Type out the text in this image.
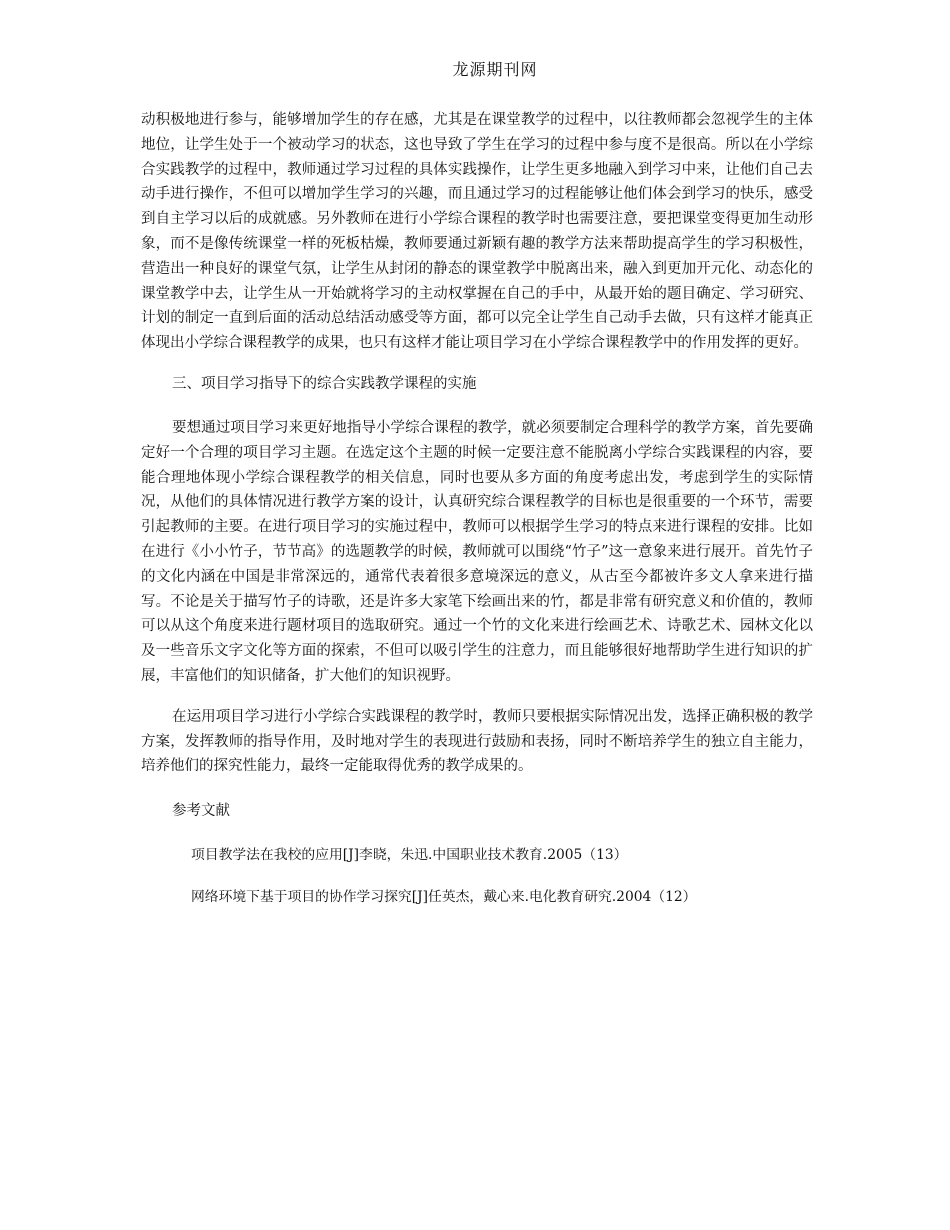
龙源期刊网

动积极地进行参与，能够增加学生的存在感，尤其是在课堂教学的过程中，以往教师都会忽视学生的主体地位，让学生处于一个被动学习的状态，这也导致了学生在学习的过程中参与度不是很高。所以在小学综合实践教学的过程中，教师通过学习过程的具体实践操作，让学生更多地融入到学习中来，让他们自己去动手进行操作，不但可以增加学生学习的兴趣，而且通过学习的过程能够让他们体会到学习的快乐，感受到自主学习以后的成就感。另外教师在进行小学综合课程的教学时也需要注意，要把课堂变得更加生动形象，而不是像传统课堂一样的死板枯燥，教师要通过新颖有趣的教学方法来帮助提高学生的学习积极性，营造出一种良好的课堂气氛，让学生从封闭的静态的课堂教学中脱离出来，融入到更加开元化、动态化的课堂教学中去，让学生从一开始就将学习的主动权掌握在自己的手中，从最开始的题目确定、学习研究、计划的制定一直到后面的活动总结活动感受等方面，都可以完全让学生自己动手去做，只有这样才能真正体现出小学综合课程教学的成果，也只有这样才能让项目学习在小学综合课程教学中的作用发挥的更好。

三、项目学习指导下的综合实践教学课程的实施

要想通过项目学习来更好地指导小学综合课程的教学，就必须要制定合理科学的教学方案，首先要确定好一个合理的项目学习主题。在选定这个主题的时候一定要注意不能脱离小学综合实践课程的内容，要能合理地体现小学综合课程教学的相关信息，同时也要从多方面的角度考虑出发，考虑到学生的实际情况，从他们的具体情况进行教学方案的设计，认真研究综合课程教学的目标也是很重要的一个环节，需要引起教师的主要。在进行项目学习的实施过程中，教师可以根据学生学习的特点来进行课程的安排。比如在进行《小小竹子，节节高》的选题教学的时候，教师就可以围绕“竹子”这一意象来进行展开。首先竹子的文化内涵在中国是非常深远的，通常代表着很多意境深远的意义，从古至今都被许多文人拿来进行描写。不论是关于描写竹子的诗歌，还是许多大家笔下绘画出来的竹，都是非常有研究意义和价值的，教师可以从这个角度来进行题材项目的选取研究。通过一个竹的文化来进行绘画艺术、诗歌艺术、园林文化以及一些音乐文字文化等方面的探索，不但可以吸引学生的注意力，而且能够很好地帮助学生进行知识的扩展，丰富他们的知识储备，扩大他们的知识视野。

在运用项目学习进行小学综合实践课程的教学时，教师只要根据实际情况出发，选择正确积极的教学方案，发挥教师的指导作用，及时地对学生的表现进行鼓励和表扬，同时不断培养学生的独立自主能力，培养他们的探究性能力，最终一定能取得优秀的教学成果的。

参考文献

项目教学法在我校的应用[J]李晓，朱迅.中国职业技术教育.2005（13）

网络环境下基于项目的协作学习探究[J]任英杰，戴心来.电化教育研究.2004（12）
